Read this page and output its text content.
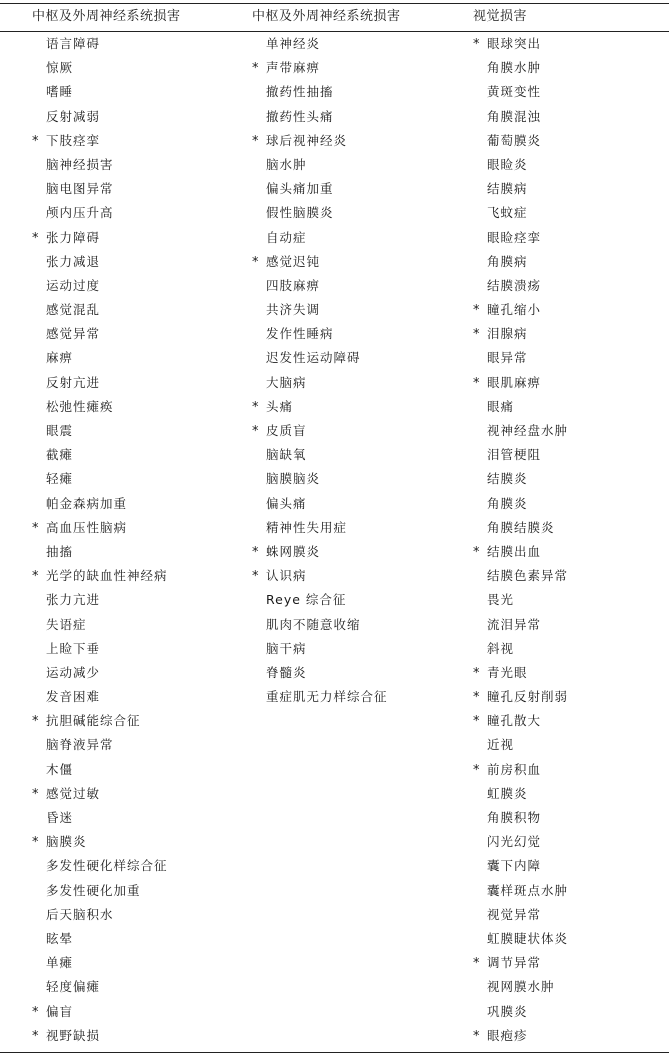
中枢及外周神经系统损害
语言障碍
惊厥
嗜睡
反射减弱
* 下肢痉挛
脑神经损害
脑电图异常
颅内压升高
* 张力障碍
张力减退
运动过度
感觉混乱
感觉异常
麻痹
反射亢进
松弛性瘫痪
眼震
截瘫
轻瘫
帕金森病加重
* 高血压性脑病
抽搐
* 光学的缺血性神经病
张力亢进
失语症
上睑下垂
运动减少
发音困难
* 抗胆碱能综合征
脑脊液异常
木僵
* 感觉过敏
昏迷
* 脑膜炎
多发性硬化样综合征
多发性硬化加重
后天脑积水
眩晕
单瘫
轻度偏瘫
* 偏盲
* 视野缺损
中枢及外周神经系统损害
单神经炎
* 声带麻痹
撤药性抽搐
撤药性头痛
* 球后视神经炎
脑水肿
偏头痛加重
假性脑膜炎
自动症
* 感觉迟钝
四肢麻痹
共济失调
发作性睡病
迟发性运动障碍
大脑病
* 头痛
* 皮质盲
脑缺氧
脑膜脑炎
偏头痛
精神性失用症
* 蛛网膜炎
* 认识病
Reye 综合征
肌肉不随意收缩
脑干病
脊髓炎
重症肌无力样综合征
视觉损害
* 眼球突出
角膜水肿
黄斑变性
角膜混浊
葡萄膜炎
眼睑炎
结膜病
飞蚊症
眼睑痉挛
角膜病
结膜溃疡
* 瞳孔缩小
* 泪腺病
眼异常
* 眼肌麻痹
眼痛
视神经盘水肿
泪管梗阻
结膜炎
角膜炎
角膜结膜炎
* 结膜出血
结膜色素异常
畏光
流泪异常
斜视
* 青光眼
* 瞳孔反射削弱
* 瞳孔散大
近视
* 前房积血
虹膜炎
角膜积物
闪光幻觉
囊下内障
囊样斑点水肿
视觉异常
虹膜睫状体炎
* 调节异常
视网膜水肿
巩膜炎
* 眼疱疹
